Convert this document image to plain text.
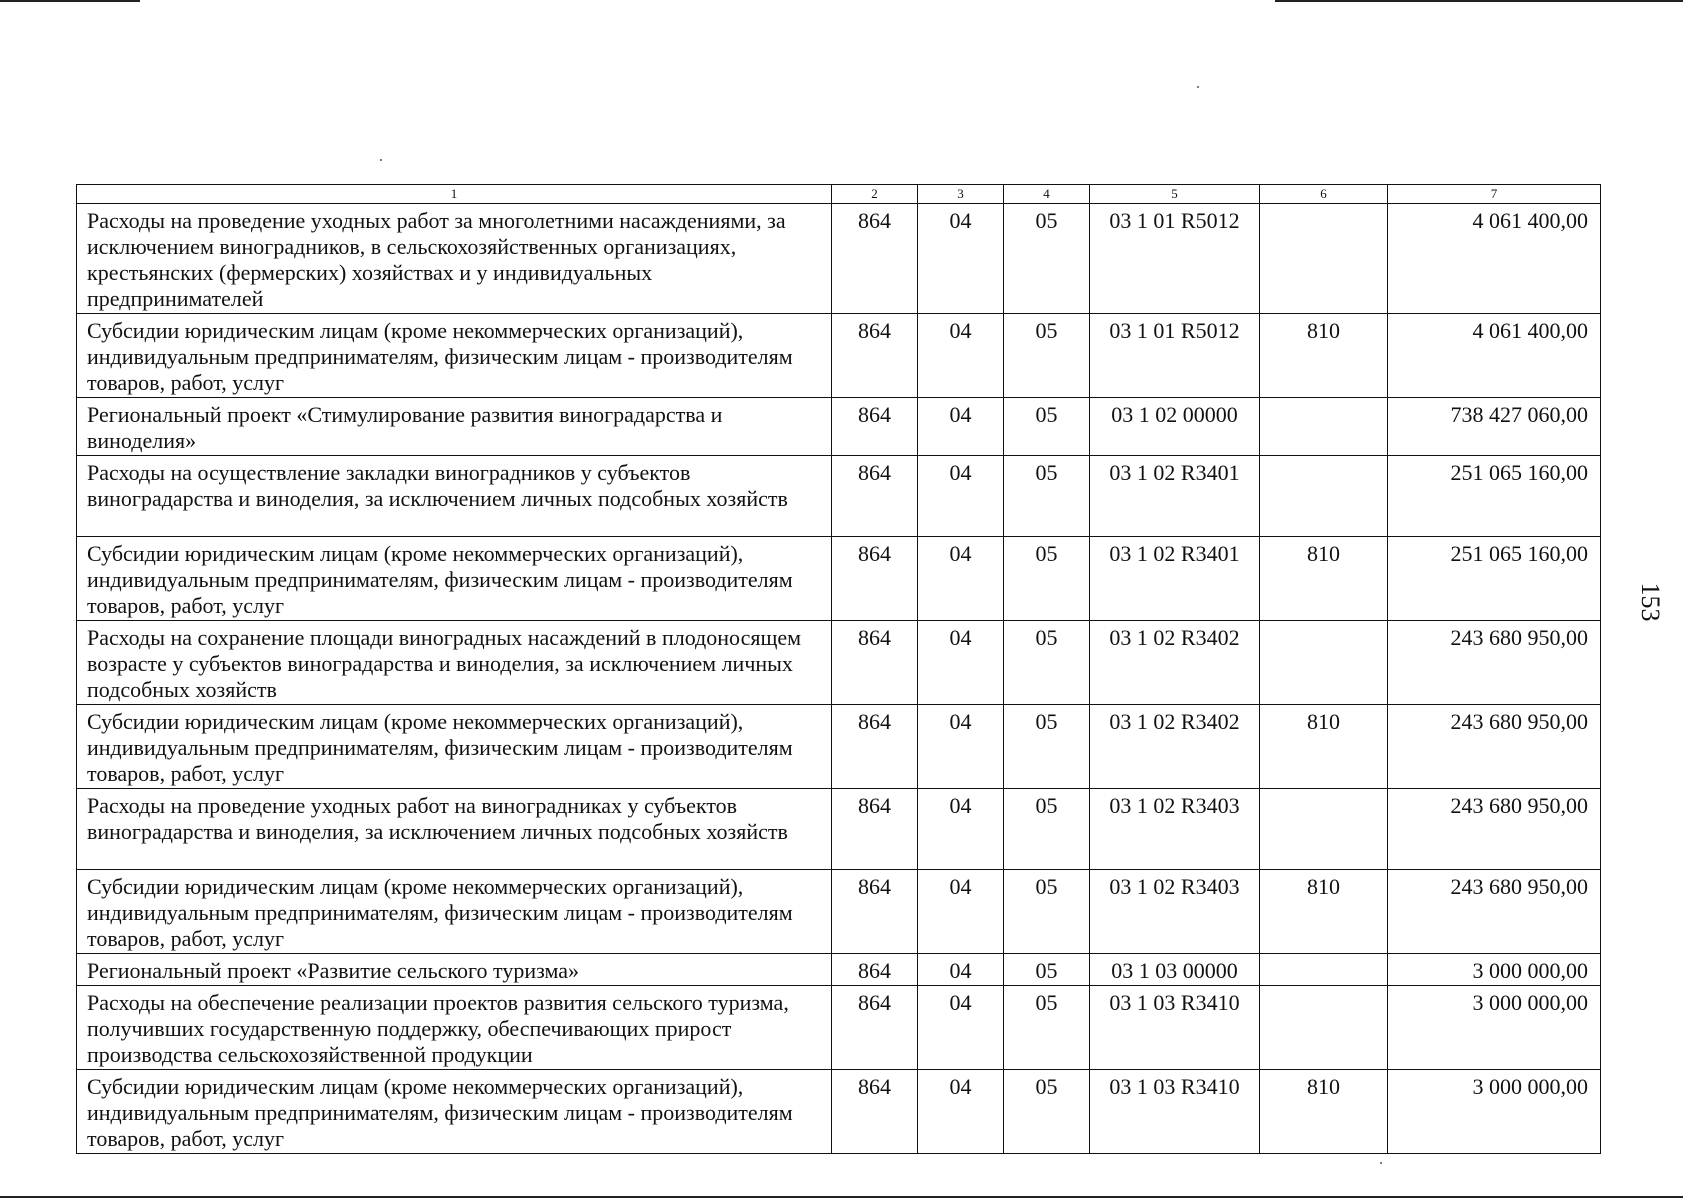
1	2	3	4	5	6	7
Расходы на проведение уходных работ за многолетними насаждениями, за исключением виноградников, в сельскохозяйственных организациях, крестьянских (фермерских) хозяйствах и у индивидуальных предпринимателей	864	04	05	03 1 01 R5012		4 061 400,00
Субсидии юридическим лицам (кроме некоммерческих организаций), индивидуальным предпринимателям, физическим лицам - производителям товаров, работ, услуг	864	04	05	03 1 01 R5012	810	4 061 400,00
Региональный проект «Стимулирование развития виноградарства и виноделия»	864	04	05	03 1 02 00000		738 427 060,00
Расходы на осуществление закладки виноградников у субъектов виноградарства и виноделия, за исключением личных подсобных хозяйств	864	04	05	03 1 02 R3401		251 065 160,00
Субсидии юридическим лицам (кроме некоммерческих организаций), индивидуальным предпринимателям, физическим лицам - производителям товаров, работ, услуг	864	04	05	03 1 02 R3401	810	251 065 160,00
Расходы на сохранение площади виноградных насаждений в плодоносящем возрасте у субъектов виноградарства и виноделия, за исключением личных подсобных хозяйств	864	04	05	03 1 02 R3402		243 680 950,00
Субсидии юридическим лицам (кроме некоммерческих организаций), индивидуальным предпринимателям, физическим лицам - производителям товаров, работ, услуг	864	04	05	03 1 02 R3402	810	243 680 950,00
Расходы на проведение уходных работ на виноградниках у субъектов виноградарства и виноделия, за исключением личных подсобных хозяйств	864	04	05	03 1 02 R3403		243 680 950,00
Субсидии юридическим лицам (кроме некоммерческих организаций), индивидуальным предпринимателям, физическим лицам - производителям товаров, работ, услуг	864	04	05	03 1 02 R3403	810	243 680 950,00
Региональный проект «Развитие сельского туризма»	864	04	05	03 1 03 00000		3 000 000,00
Расходы на обеспечение реализации проектов развития сельского туризма, получивших государственную поддержку, обеспечивающих прирост производства сельскохозяйственной продукции	864	04	05	03 1 03 R3410		3 000 000,00
Субсидии юридическим лицам (кроме некоммерческих организаций), индивидуальным предпринимателям, физическим лицам - производителям товаров, работ, услуг	864	04	05	03 1 03 R3410	810	3 000 000,00
153
